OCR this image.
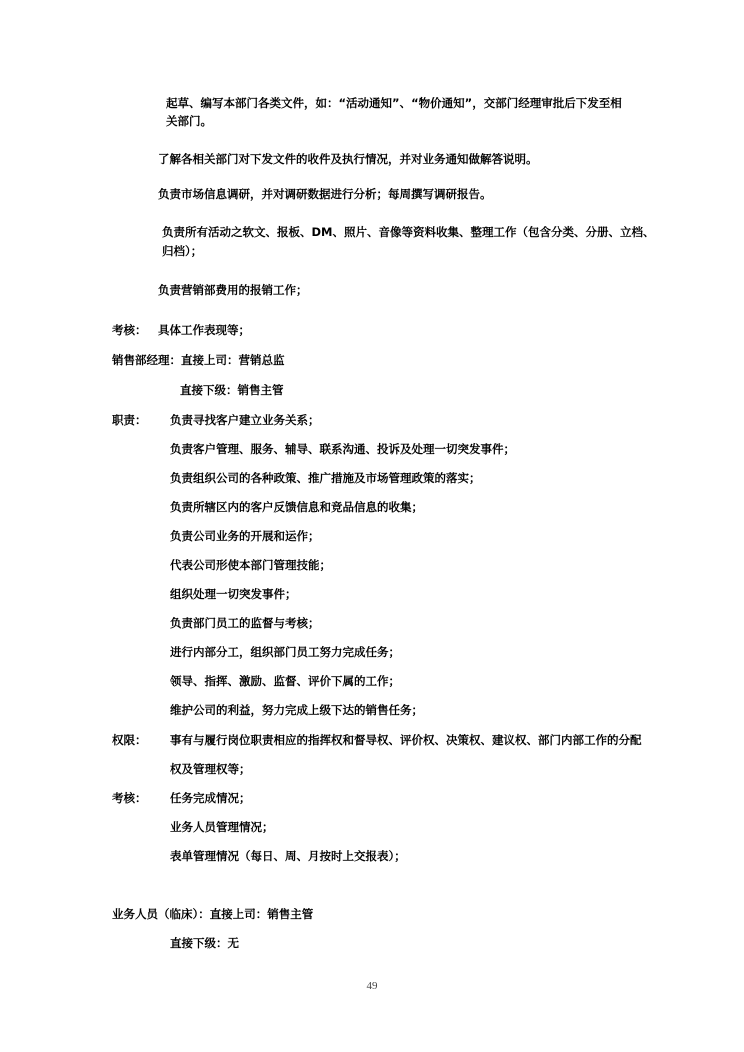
起草、编写本部门各类文件，如：“活动通知”、“物价通知”，交部门经理审批后下发至相
关部门。
了解各相关部门对下发文件的收件及执行情况，并对业务通知做解答说明。
负责市场信息调研，并对调研数据进行分析；每周撰写调研报告。
负责所有活动之软文、报板、DM、照片、音像等资料收集、整理工作（包含分类、分册、立档、
归档）；
负责营销部费用的报销工作；
考核： 具体工作表现等；
销售部经理：直接上司：营销总监
直接下级：销售主管
职责： 负责寻找客户建立业务关系；
负责客户管理、服务、辅导、联系沟通、投诉及处理一切突发事件；
负责组织公司的各种政策、推广措施及市场管理政策的落实；
负责所辖区内的客户反馈信息和竞品信息的收集；
负责公司业务的开展和运作；
代表公司形使本部门管理技能；
组织处理一切突发事件；
负责部门员工的监督与考核；
进行内部分工，组织部门员工努力完成任务；
领导、指挥、激励、监督、评价下属的工作；
维护公司的利益，努力完成上级下达的销售任务；
权限： 事有与履行岗位职责相应的指挥权和督导权、评价权、决策权、建议权、部门内部工作的分配
权及管理权等；
考核： 任务完成情况；
业务人员管理情况；
表单管理情况（每日、周、月按时上交报表）；
业务人员（临床）：直接上司：销售主管
直接下级：无
49
